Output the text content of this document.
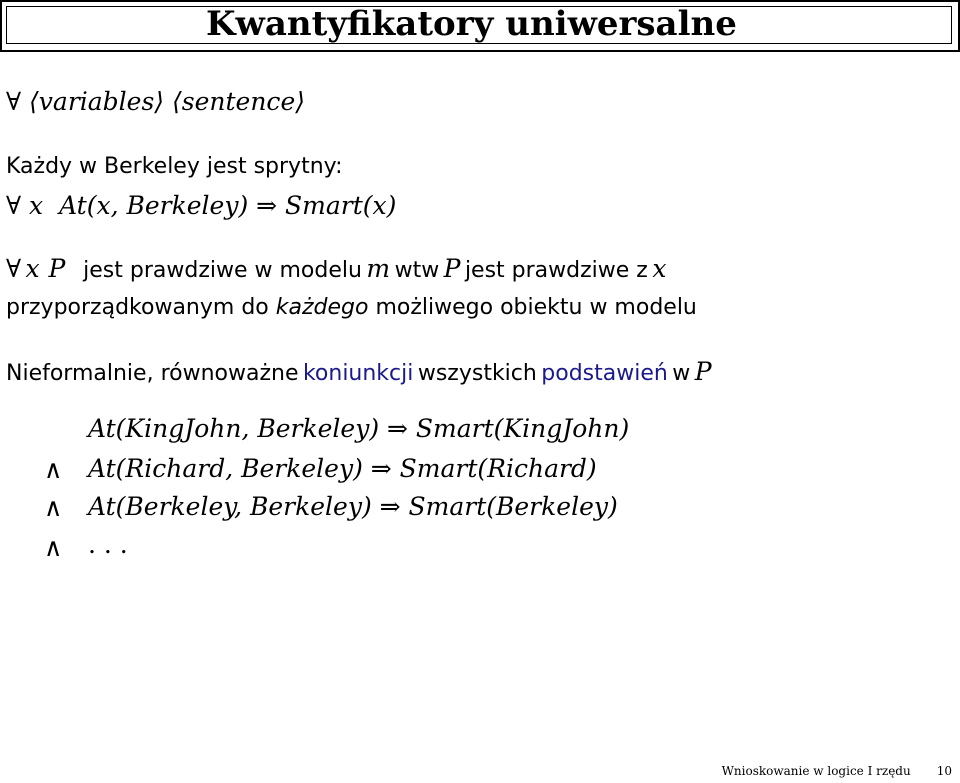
Kwantyfikatory uniwersalne
∀ ⟨variables⟩ ⟨sentence⟩
Każdy w Berkeley jest sprytny:
∀ x At(x, Berkeley) ⇒ Smart(x)
∀ x P jest prawdziwe w modelu m wtw P jest prawdziwe z x
przyporządkowanym do każdego możliwego obiektu w modelu
Nieformalnie, równoważne koniunkcji wszystkich podstawień w P
At(KingJohn, Berkeley) ⇒ Smart(KingJohn)
∧ At(Richard, Berkeley) ⇒ Smart(Richard)
∧ At(Berkeley, Berkeley) ⇒ Smart(Berkeley)
∧ . . .
Wnioskowanie w logice I rzędu 10
